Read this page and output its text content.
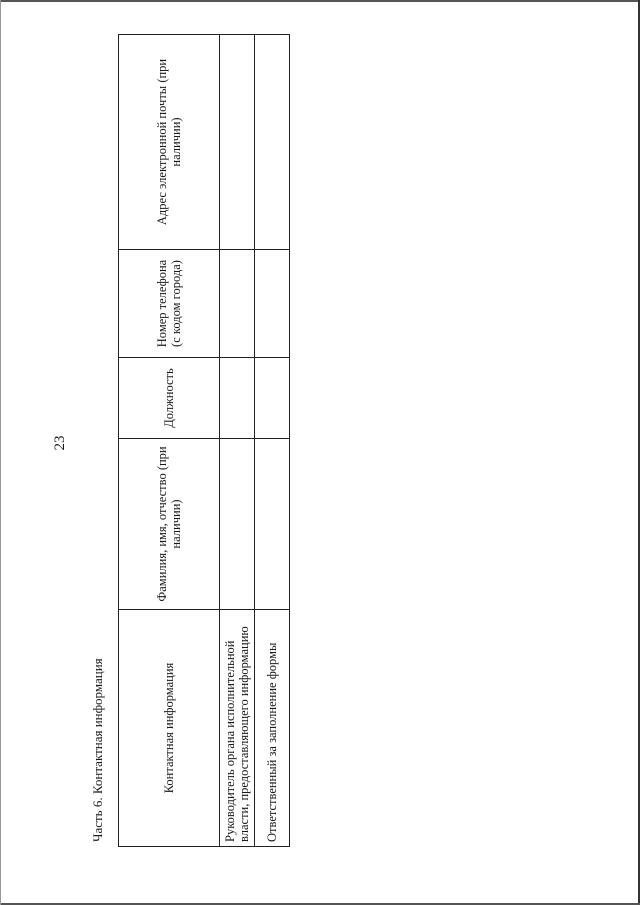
23
Часть 6. Контактная информация	Контактная информация	Фамилия, имя, отчество (при наличии)	Должность	Номер телефона (с кодом города)	Адрес электронной почты (при наличии)
Руководитель органа исполнительной власти, предоставляющего информацию				
Ответственный за заполнение формы				
